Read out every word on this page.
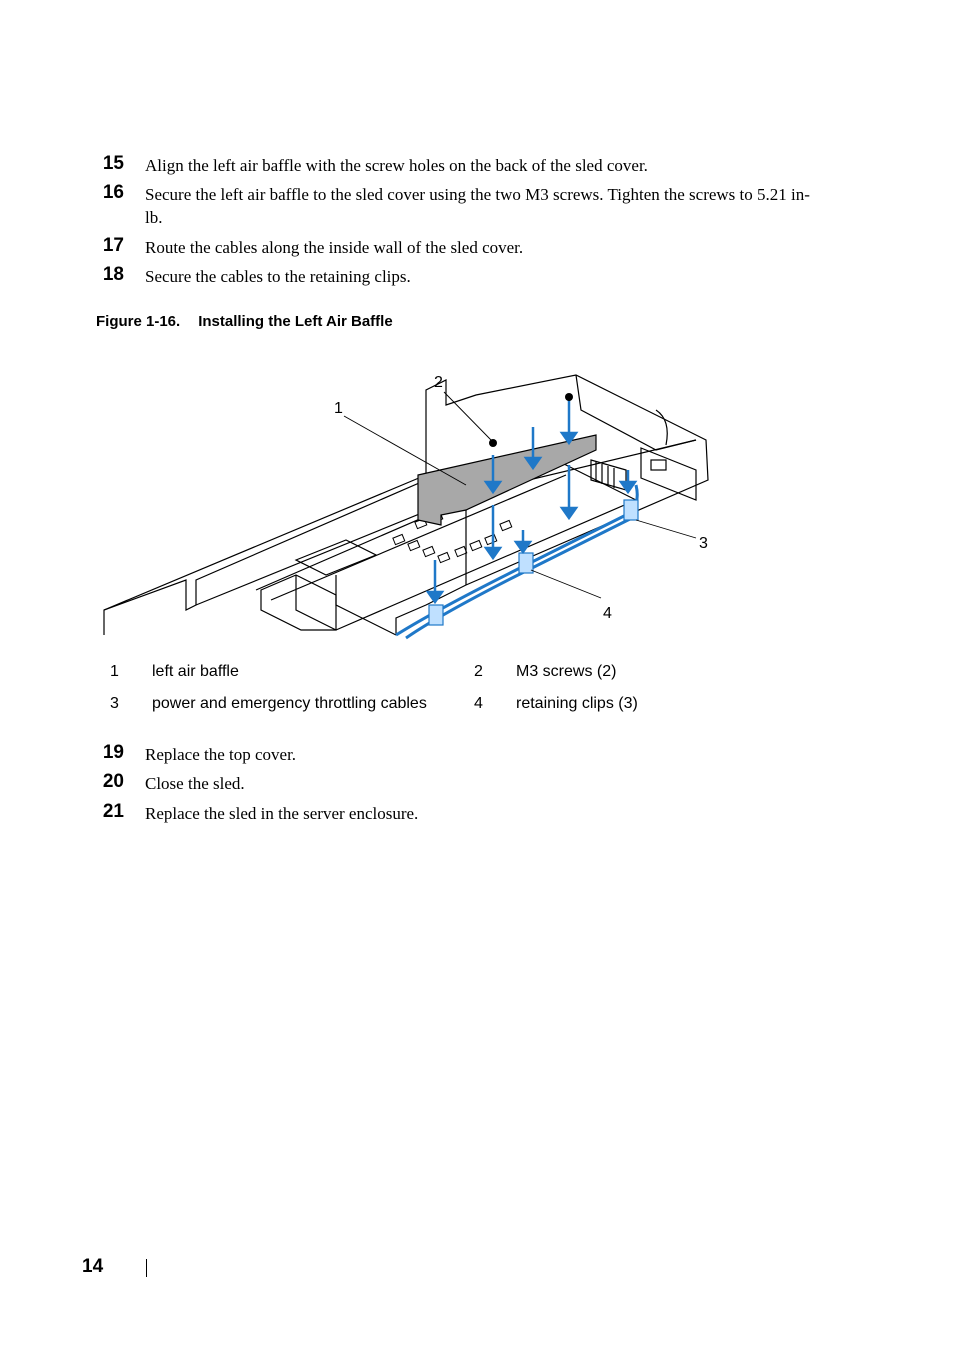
15 Align the left air baffle with the screw holes on the back of the sled cover.
16 Secure the left air baffle to the sled cover using the two M3 screws. Tighten the screws to 5.21 in-lb.
17 Route the cables along the inside wall of the sled cover.
18 Secure the cables to the retaining clips.
Figure 1-16. Installing the Left Air Baffle
1
2
3
4
1	left air baffle	2	M3 screws (2)
3	power and emergency throttling cables	4	retaining clips (3)
19 Replace the top cover.
20 Close the sled.
21 Replace the sled in the server enclosure.
14
